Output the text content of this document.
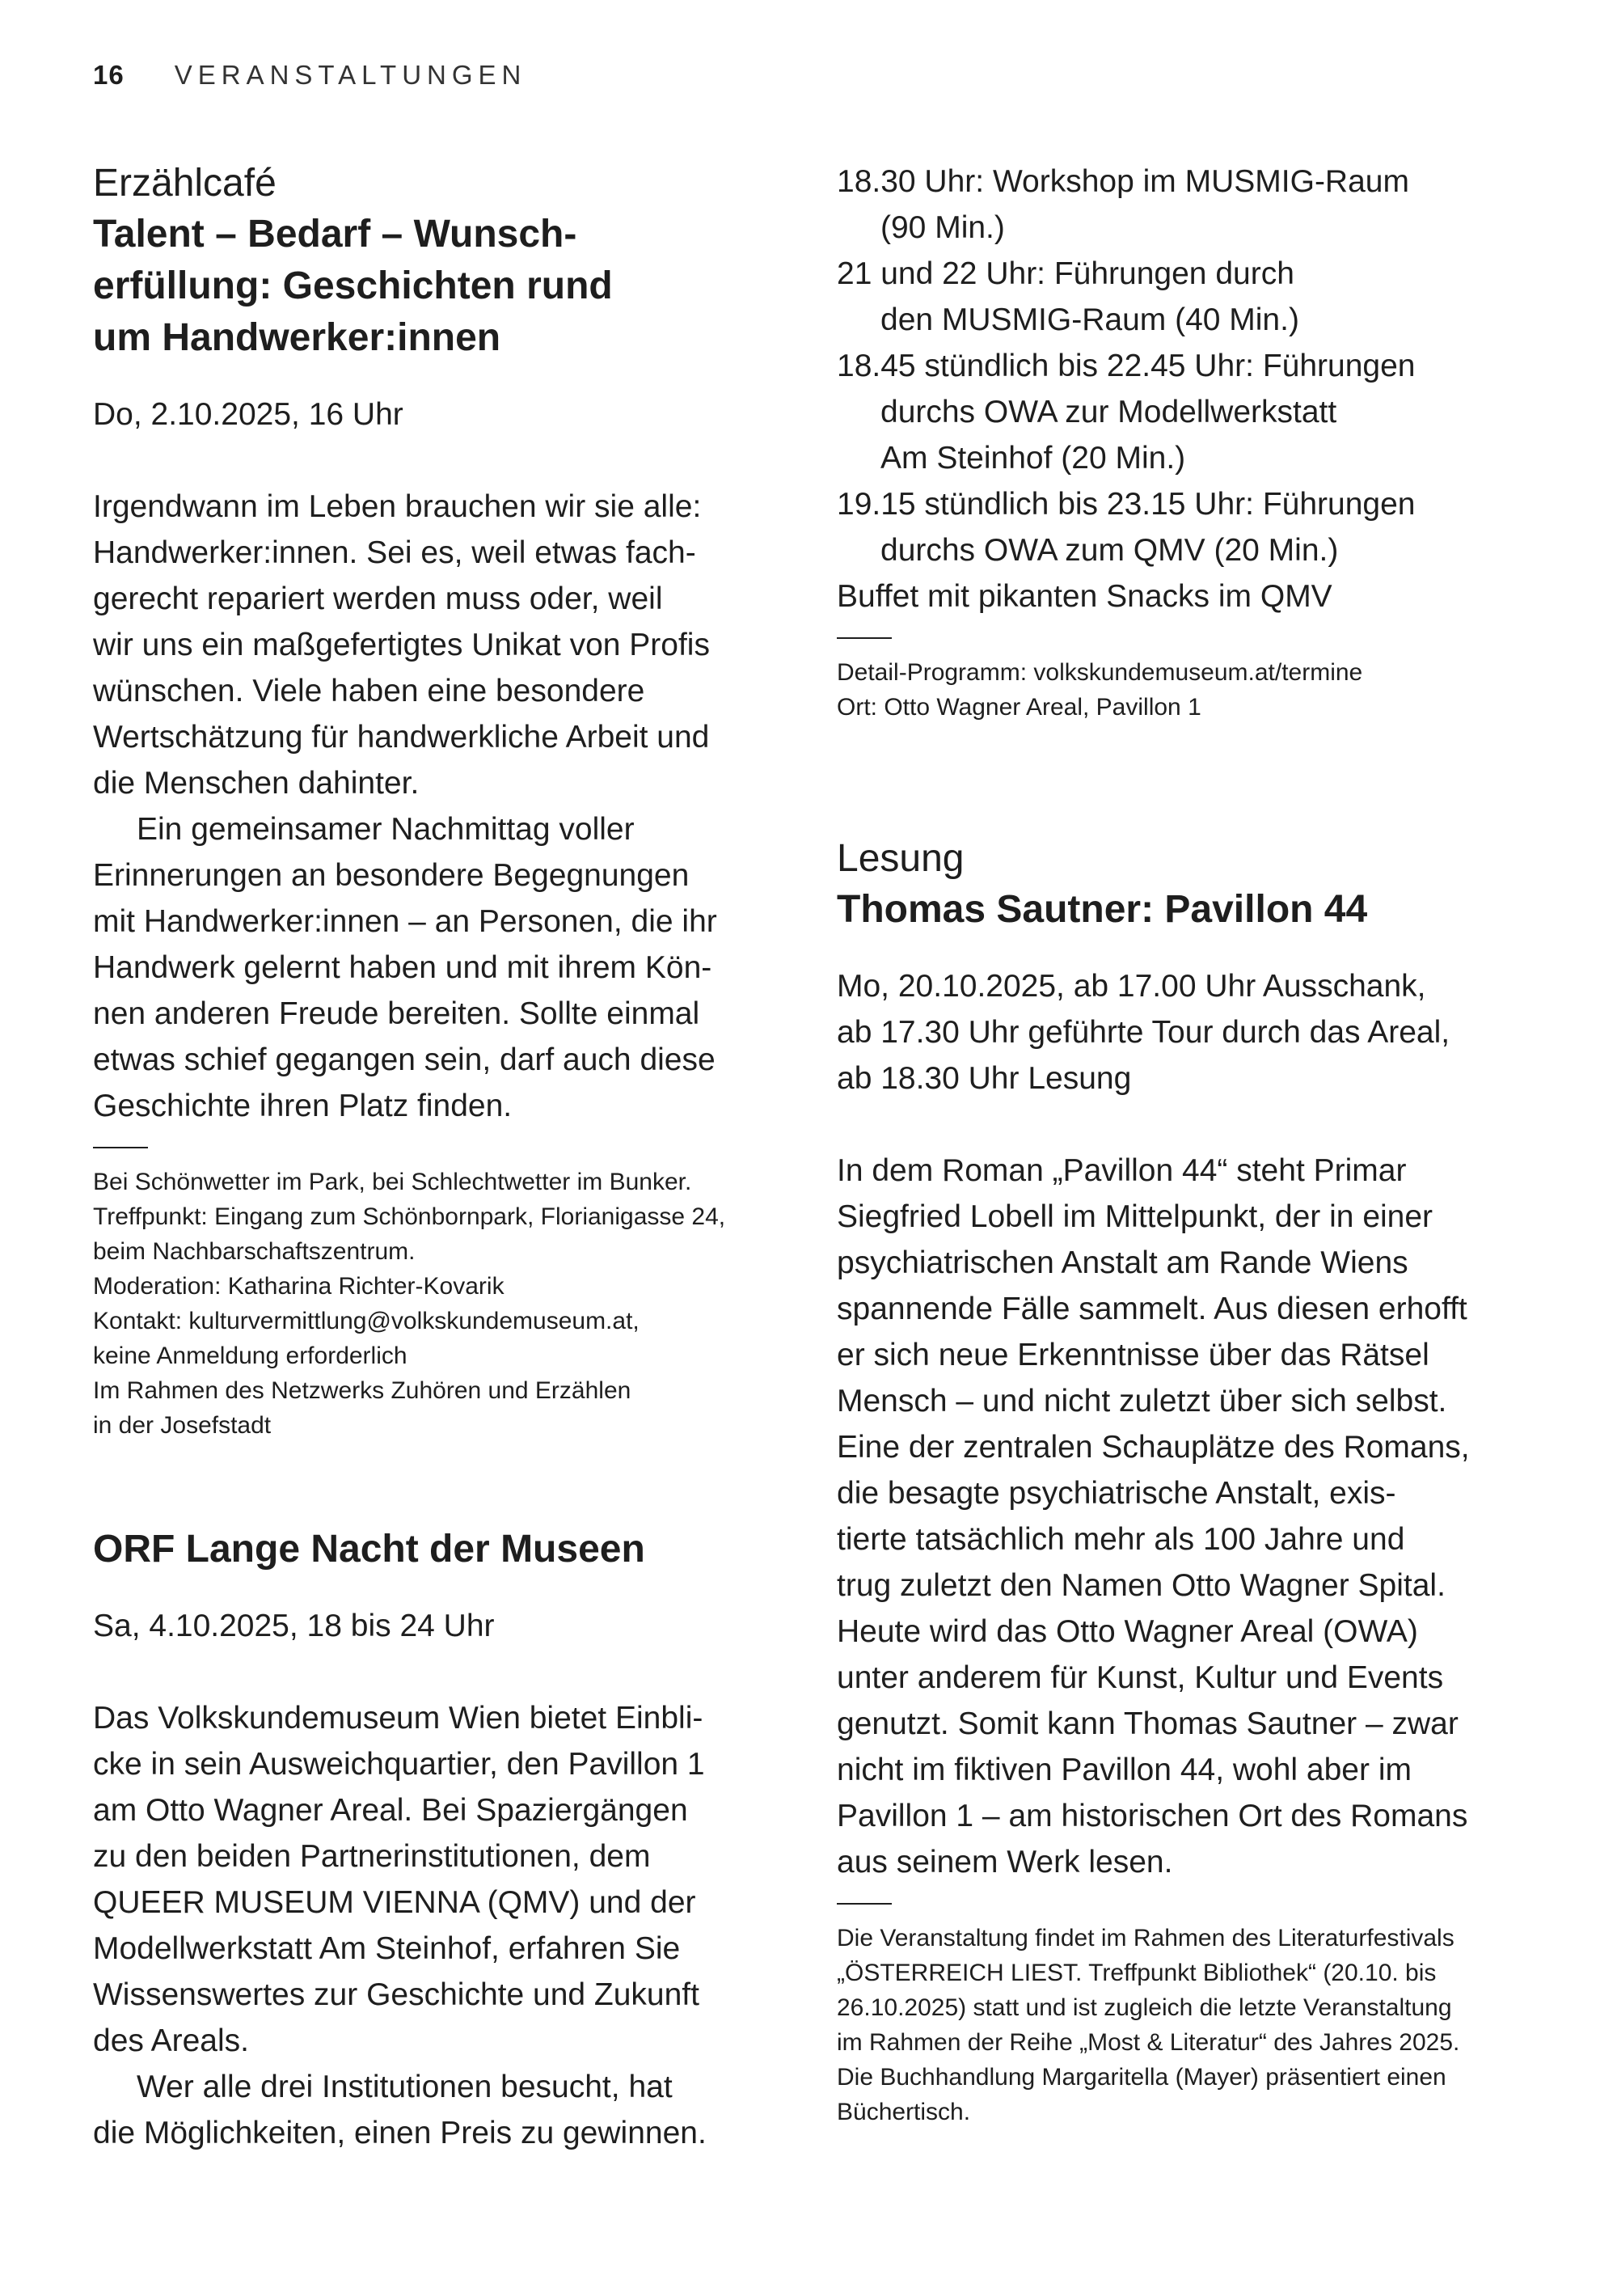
16 VERANSTALTUNGEN
Erzählcafé
Talent – Bedarf – Wunsch-
erfüllung: Geschichten rund
um Handwerker:innen

Do, 2.10.2025, 16 Uhr

Irgendwann im Leben brauchen wir sie alle:
Handwerker:innen. Sei es, weil etwas fach-
gerecht repariert werden muss oder, weil
wir uns ein maßgefertigtes Unikat von Profis
wünschen. Viele haben eine besondere
Wertschätzung für handwerkliche Arbeit und
die Menschen dahinter.

Ein gemeinsamer Nachmittag voller
Erinnerungen an besondere Begegnungen
mit Handwerker:innen – an Personen, die ihr
Handwerk gelernt haben und mit ihrem Kön-
nen anderen Freude bereiten. Sollte einmal
etwas schief gegangen sein, darf auch diese
Geschichte ihren Platz finden.

Bei Schönwetter im Park, bei Schlechtwetter im Bunker.
Treffpunkt: Eingang zum Schönbornpark, Florianigasse 24,
beim Nachbarschaftszentrum.
Moderation: Katharina Richter-Kovarik
Kontakt: kulturvermittlung@volkskundemuseum.at,
keine Anmeldung erforderlich
Im Rahmen des Netzwerks Zuhören und Erzählen
in der Josefstadt
ORF Lange Nacht der Museen

Sa, 4.10.2025, 18 bis 24 Uhr

Das Volkskundemuseum Wien bietet Einbli-
cke in sein Ausweichquartier, den Pavillon 1
am Otto Wagner Areal. Bei Spaziergängen
zu den beiden Partnerinstitutionen, dem
QUEER MUSEUM VIENNA (QMV) und der
Modellwerkstatt Am Steinhof, erfahren Sie
Wissenswertes zur Geschichte und Zukunft
des Areals.

Wer alle drei Institutionen besucht, hat
die Möglichkeiten, einen Preis zu gewinnen.

18.30 Uhr: Workshop im MUSMIG-Raum
(90 Min.)
21 und 22 Uhr: Führungen durch
den MUSMIG-Raum (40 Min.)
18.45 stündlich bis 22.45 Uhr: Führungen
durchs OWA zur Modellwerkstatt
Am Steinhof (20 Min.)
19.15 stündlich bis 23.15 Uhr: Führungen
durchs OWA zum QMV (20 Min.)
Buffet mit pikanten Snacks im QMV
Detail-Programm: volkskundemuseum.at/termine
Ort: Otto Wagner Areal, Pavillon 1
Lesung
Thomas Sautner: Pavillon 44
Mo, 20.10.2025, ab 17.00 Uhr Ausschank,
ab 17.30 Uhr geführte Tour durch das Areal,
ab 18.30 Uhr Lesung

In dem Roman „Pavillon 44“ steht Primar
Siegfried Lobell im Mittelpunkt, der in einer
psychiatrischen Anstalt am Rande Wiens
spannende Fälle sammelt. Aus diesen erhofft
er sich neue Erkenntnisse über das Rätsel
Mensch – und nicht zuletzt über sich selbst.
Eine der zentralen Schauplätze des Romans,
die besagte psychiatrische Anstalt, exis-
tierte tatsächlich mehr als 100 Jahre und
trug zuletzt den Namen Otto Wagner Spital.
Heute wird das Otto Wagner Areal (OWA)
unter anderem für Kunst, Kultur und Events
genutzt. Somit kann Thomas Sautner – zwar
nicht im fiktiven Pavillon 44, wohl aber im
Pavillon 1 – am historischen Ort des Romans
aus seinem Werk lesen.

Die Veranstaltung findet im Rahmen des Literaturfestivals
„ÖSTERREICH LIEST. Treffpunkt Bibliothek“ (20.10. bis
26.10.2025) statt und ist zugleich die letzte Veranstaltung
im Rahmen der Reihe „Most & Literatur“ des Jahres 2025.
Die Buchhandlung Margaritella (Mayer) präsentiert einen
Büchertisch.
